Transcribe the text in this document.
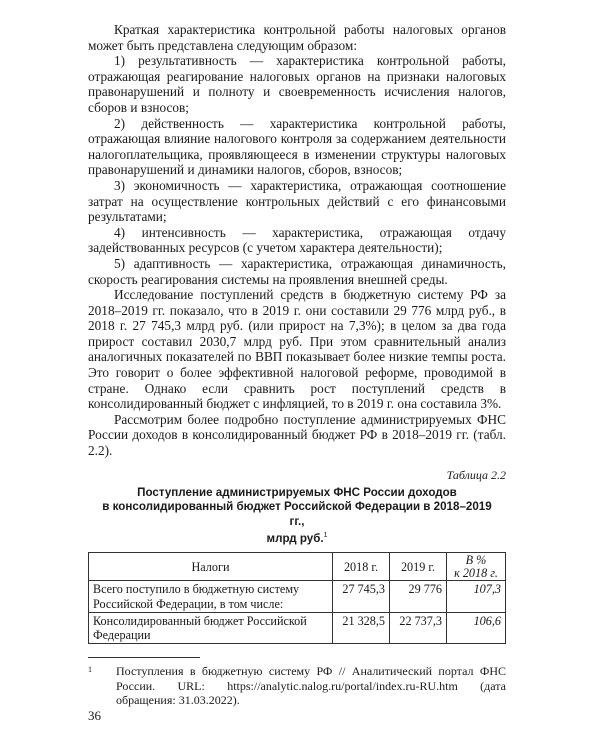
Краткая характеристика контрольной работы налоговых органов может быть представлена следующим образом:

1) результативность — характеристика контрольной работы, отражающая реагирование налоговых органов на признаки налоговых правонарушений и полноту и своевременность исчисления налогов, сборов и взносов;

2) действенность — характеристика контрольной работы, отражающая влияние налогового контроля за содержанием деятельности налогоплательщика, проявляющееся в изменении структуры налоговых правонарушений и динамики налогов, сборов, взносов;

3) экономичность — характеристика, отражающая соотношение затрат на осуществление контрольных действий с его финансовыми результатами;

4) интенсивность — характеристика, отражающая отдачу задействованных ресурсов (с учетом характера деятельности);

5) адаптивность — характеристика, отражающая динамичность, скорость реагирования системы на проявления внешней среды.

Исследование поступлений средств в бюджетную систему РФ за 2018–2019 гг. показало, что в 2019 г. они составили 29 776 млрд руб., в 2018 г. 27 745,3 млрд руб. (или прирост на 7,3%); в целом за два года прирост составил 2030,7 млрд руб. При этом сравнительный анализ аналогичных показателей по ВВП показывает более низкие темпы роста. Это говорит о более эффективной налоговой реформе, проводимой в стране. Однако если сравнить рост поступлений средств в консолидированный бюджет с инфляцией, то в 2019 г. она составила 3%.

Рассмотрим более подробно поступление администрируемых ФНС России доходов в консолидированный бюджет РФ в 2018–2019 гг. (табл. 2.2).

Таблица 2.2
Поступление администрируемых ФНС России доходов
в консолидированный бюджет Российской Федерации в 2018–2019 гг.,
млрд руб.$^1$
Налоги	2018 г.	2019 г.	В %
к 2018 г.
Всего поступило в бюджетную систему Российской Федерации, в том числе:	27 745,3	29 776	107,3
Консолидированный бюджет Российской Федерации	21 328,5	22 737,3	106,6
1	Поступления в бюджетную систему РФ // Аналитический портал ФНС России. URL: https://analytic.nalog.ru/portal/index.ru-RU.htm (дата обращения: 31.03.2022).
36
